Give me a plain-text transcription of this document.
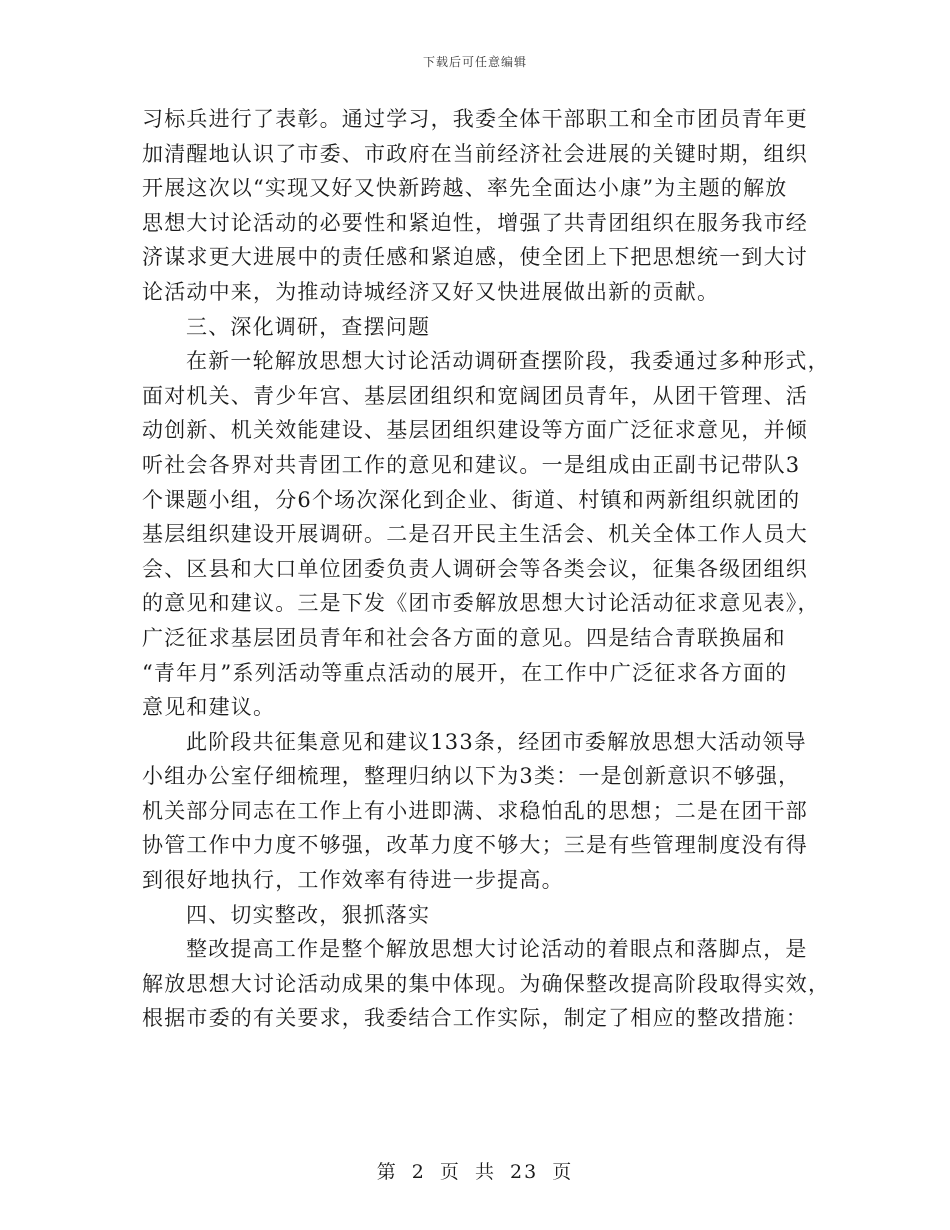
下载后可任意编辑
习标兵进行了表彰。通过学习，我委全体干部职工和全市团员青年更
加清醒地认识了市委、市政府在当前经济社会进展的关键时期，组织
开展这次以“实现又好又快新跨越、率先全面达小康”为主题的解放
思想大讨论活动的必要性和紧迫性，增强了共青团组织在服务我市经
济谋求更大进展中的责任感和紧迫感，使全团上下把思想统一到大讨
论活动中来，为推动诗城经济又好又快进展做出新的贡献。
三、深化调研，查摆问题
在新一轮解放思想大讨论活动调研查摆阶段，我委通过多种形式，
面对机关、青少年宫、基层团组织和宽阔团员青年，从团干管理、活
动创新、机关效能建设、基层团组织建设等方面广泛征求意见，并倾
听社会各界对共青团工作的意见和建议。一是组成由正副书记带队3
个课题小组，分6个场次深化到企业、街道、村镇和两新组织就团的
基层组织建设开展调研。二是召开民主生活会、机关全体工作人员大
会、区县和大口单位团委负责人调研会等各类会议，征集各级团组织
的意见和建议。三是下发《团市委解放思想大讨论活动征求意见表》，
广泛征求基层团员青年和社会各方面的意见。四是结合青联换届和
“青年月”系列活动等重点活动的展开，在工作中广泛征求各方面的
意见和建议。
此阶段共征集意见和建议133条，经团市委解放思想大活动领导
小组办公室仔细梳理，整理归纳以下为3类：一是创新意识不够强，
机关部分同志在工作上有小进即满、求稳怕乱的思想；二是在团干部
协管工作中力度不够强，改革力度不够大；三是有些管理制度没有得
到很好地执行，工作效率有待进一步提高。
四、切实整改，狠抓落实
整改提高工作是整个解放思想大讨论活动的着眼点和落脚点，是
解放思想大讨论活动成果的集中体现。为确保整改提高阶段取得实效，
根据市委的有关要求，我委结合工作实际，制定了相应的整改措施：
第 2 页 共 23 页
